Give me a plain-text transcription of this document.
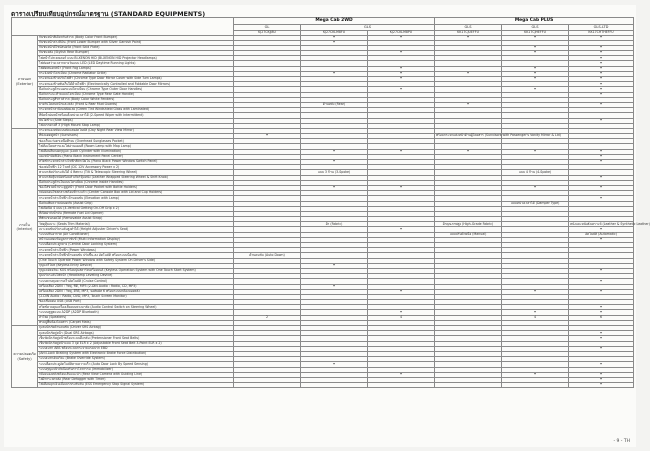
ตารางเปรียบเทียบอุปกรณ์มาตรฐาน (STANDARD EQUIPMENTS)
		Mega Cab 2WD			Mega Cab PLUS		
		GL	GLS		GLS	GLS	GLS-LTD
		KJ27CKJJ8U	KJ27CKLM8FU	KJ27CKLM8PU	KK17CJUEFFU	KK17CJHEFFU	KK17CHTHEFFU
ภายนอก (Exterior)	กันชนหน้าสีเดียวกับตัวรถ (Body Color Front Bumper)		•	•	•	•	•
	กันชนหน้าล่างสีเงิน (Front Lower Bumper with Silver Garnish Paint)		•				
	กันชนหน้าดีไซน์สปอร์ต (Front Skid Plate)					•	•
	กันชนหลัง (Stylish Rear Bumper)			•		•	•
	ไฟหน้าโปรเจคเตอร์ แบบ Bi-XENON HID (Bi-XENON HID Projector Headlamps)						•
	ไฟส่องสว่างเวลากลางวันแบบ LED (LED Daytime Running Lights)						•
	ไฟตัดหมอกหน้า (Front Fog Lamps)			•		•	•
	กระจังหน้าโครเมี่ยม (Chrome Radiator Grille)		•	•	•	•	•
	กระจกมองข้างปรับไฟฟ้า (Chrome Type Door Mirror Cover with Side Turn Lamps)			•		•	•
	กระจกมองข้างพับเก็บได้ด้วยไฟฟ้า (Electronically Controlled and Foldable Door Mirrors)						•
	มือจับประตูด้านนอกแบบโครเมี่ยม (Chrome Type Outer Door Handles)			•		•	•
	มือจับกระบะท้ายแบบโครเมี่ยม (Chrome Type Rear Gate Handle)						•
	มือจับประตูสีขาวตัวรถ (Body Color White Fenders)						
	ยางกันโคลนหน้าและหลัง (Front & Rear Mud Guards)		ด้านหลัง (Rear)		•		•
	กระจกหน้าลามิเนตตัดแสง (Green Tint Windshield Glass with Laminated)						
	ที่ปัดน้ำฝนหน้าพร้อมตั้งหน่วงเวลาได้ (2-Speed Wiper with Intermittent)						
	บันไดข้าง (Side Steps)						•
	ไฟเบรกดวงที่ 3 (High Mount Stop Lamp)						
ภายใน (Interior)	กระจกมองหลังแบบตัดแสงอัตโนมัติ (Day Night Rear View Mirror)						
	ที่บังแดดคู่หน้า (Sunvisors)	•			พร้อมกระจกแต่งหน้าด้านผู้โดยสาร (Sunvisors with Passenger's Vanity Mirror & Lid)		
	ช่องเก็บแว่นตาเหนือศีรษะ (Overhead Sunglasses Pocket)						
	ไฟห้องโดยสารและไฟอ่านแผนที่ (Room Lamp with Map Lamp)						
	ไฟเตือนลืมถอดกุญแจ (Lock Cylinder with Illumination)		•	•	•	•	•
	แผงหน้าปัดสีเงิน (Piano Black Instrument Panel Center)						•
	สวิตช์กระจกหน้าต่างไฟฟ้าสีดำเปียโน (Piano Black Power Window Switch Panel)		•				•
	ช่องต่อไฟฟ้า 12 โวลท์ (DC 12V Accessory Power x 2)						
	พวงมาลัยปรับระดับได้ 4 ทิศทาง (Tilt & Telescopic Steering Wheel)		แบบ 3 ก้าน (3-Spoke)			แบบ 4 ก้าน (4-Spoke)	
	พวงมาลัยหุ้มหนังพร้อมหัวเกียร์หุ้มหนัง (Leather Wrapped Steering Wheel & Shift Knob)						•
	มือจับประตูด้านในแบบโครเมี่ยม (Chrome Inside Handles)						
	ช่องใส่ขวดน้ำประตูคู่หน้า (Front Door Pocket with Bottle Holders)		•	•		•	•
	กล่องคอนโซลกลางพร้อมที่วางแก้ว (Center Console Box with Lid and Cup Holders)						
	กระจกหน้าต่างไฟฟ้า ด้านคนขับ (Elevation with Lamp)						•
	มือจับเพิ่มความปลอดภัย (Assist Grip)					แบบหน่วงเวลาได้ (Damper Type)	
	ไฟเปิดปิด 4 แบบ (4-Vertical Getting On-Off Grip x 2)						
	ที่เปิดฝาถังน้ำมัน (Remote Fuel Lid Opener)						
	ที่พักแขนถอดได้ (Removable Assist Strap)						
	วัสดุหุ้มเบาะ (Seats Trim Material)		ผ้า (Fabric)		ผ้าคุณภาพสูง (High-Grade Fabric)		หนังและหนังสังเคราะห์ (Leather & Synthetic Leather)
	เบาะคนขับปรับระดับสูงต่ำได้ (Height Adjuster Driver's Seat)			•			•
	ระบบปรับอากาศ (Air Conditioner)				แบบปรับด้วยมือ (Manual)		อัตโนมัติ (Automatic)
	หน้าจอแสดงข้อมูลการขับขี่ (Multi Information Display)						•
	ระบบล็อคประตูกลาง (Central Door Locking System)						
	กระจกหน้าต่างไฟฟ้า (Power Windows)						
	กระจกหน้าต่างไฟฟ้าด้านคนขับ ปรับขึ้น-ลง อัตโนมัติ พร้อมระบบป้องกัน	ด้านคนขับ (Auto Down)					
	(One Touch Operate Power Window with Safety System On Driver's Side)						
	กุญแจรีโมท (Keyless Entry Device)		•				
	กุญแจอัจฉริยะ KOS พร้อมปุ่มสตาร์ทเครื่องยนต์ (Keyless Operation System with One Touch Start System)						•
	ปุ่มปรับระดับไฟหน้า (Headlamp Leveling Device)						
	ระบบควบคุมความเร็วอัตโนมัติ (Cruise Control)						•
	เครื่องเสียง 2DIN : วิทยุ, ซีดี, MP3 (2-DIN Audio : Radio, CD, MP3)		•				
	เครื่องเสียง 2DIN : วิทยุ, ดีวีดี, MP3, จอสัมผัส 6 พร้อมระบบกล้องมองหลัง			•		•	•
	(2-DIN Audio : Radio, DVD, MP3, Touch Screen Monitor)						
	ช่องเชื่อมต่อ USB (USB Port)						
	สวิตช์ควบคุมเครื่องเสียงบนพวงมาลัย (Audio Control Switch on Steering Wheel)						•
	ระบบบลูทูธแบบ A2DP (A2DP Bluetooth)			•		•	•
	ลำโพง (Speakers)	2		4		4	6
	พรมปูพื้นห้องโดยสาร (Carpet Mats)						
ความปลอดภัย (Safety)	ถุงลมนิรภัยด้านคนขับ (Driver SRS Airbag)						
	ถุงลมนิรภัยคู่หน้า (Dual SRS Airbags)						•
	เข็มขัดนิรภัยคู่หน้าพร้อมระบบดึงกลับ (Pretensioner Front Seat Belts)						•
	เข็มขัดนิรภัยคู่หน้าแบบ 3 จุด ELR x 2 (Adjustable Front Seat Belt 3-Point ELR x 2)						
	ระบบเบรก ABS พร้อมระบบกระจายแรงเบรก EBD						•
	(Anti-Lock Braking System with Electronic Brake Force Distribution)						
	ระบบเบรกอัจฉริยะ (Brake Override System)						
	ระบบล็อคประตูอัตโนมัติตามความเร็ว (Auto Door Lock By Speed Sensing)		•				•
	ระบบกุญแจนิรภัยป้องกันการโจรกรรม (Immobilizer)						
	กล้องมองหลังพร้อมเส้นแนะนำ (Rear View Camera with Guiding Line)			•		•	•
	ไล่ฝ้ากระจกหลัง (Rear Defogger with Timer)						•
	ไฟเตือนฉุกเฉินเมื่อเบรกกะทันหัน (ESS Emergency Stop Signal System)						•
- 9 - TH
